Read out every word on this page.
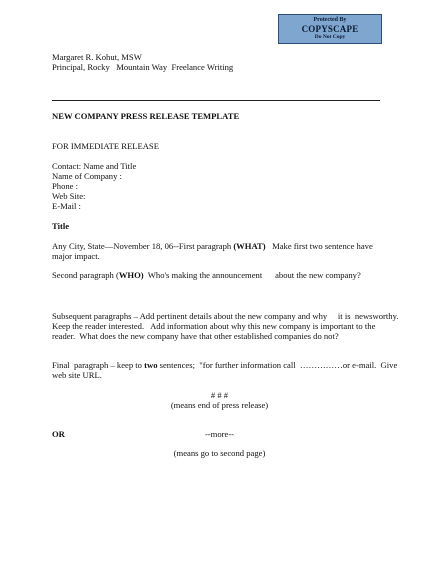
Protected By
COPYSCAPE
Do Not Copy
Margaret R. Kohut, MSW
Principal, Rocky   Mountain Way  Freelance Writing
NEW COMPANY PRESS RELEASE TEMPLATE
FOR IMMEDIATE RELEASE
Contact: Name and Title
Name of Company :
Phone :
Web Site:
E-Mail :
Title
Any City, State—November 18, 06--First paragraph (WHAT)   Make first two sentence have
major impact.
Second paragraph (WHO)  Who's making the announcement      about the new company?
Subsequent paragraphs – Add pertinent details about the new company and why     it is  newsworthy.
Keep the reader interested.   Add information about why this new company is important to the
reader.  What does the new company have that other established companies do not?
Final  paragraph – keep to two sentences;  "for further information call  ……………or e-mail.  Give
web site URL.
# # #
(means end of press release)
OR	--more--
(means go to second page)
